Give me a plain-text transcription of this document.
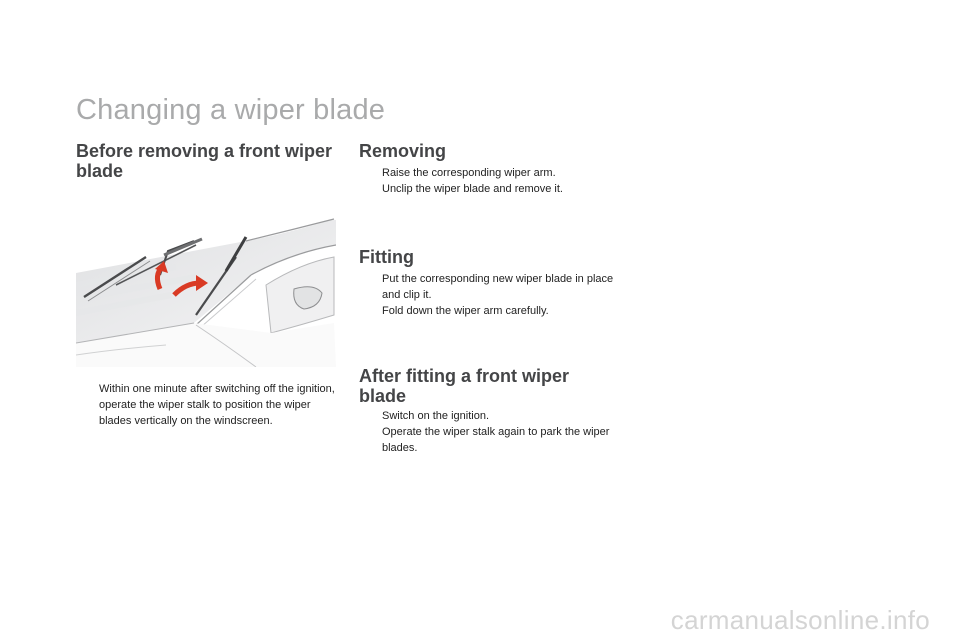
Changing a wiper blade
Before removing a front wiper blade
Within one minute after switching off the ignition, operate the wiper stalk to position the wiper blades vertically on the windscreen.
Removing
Raise the corresponding wiper arm.
Unclip the wiper blade and remove it.
Fitting
Put the corresponding new wiper blade in place and clip it.
Fold down the wiper arm carefully.
After fitting a front wiper blade
Switch on the ignition.
Operate the wiper stalk again to park the wiper blades.
carmanualsonline.info
